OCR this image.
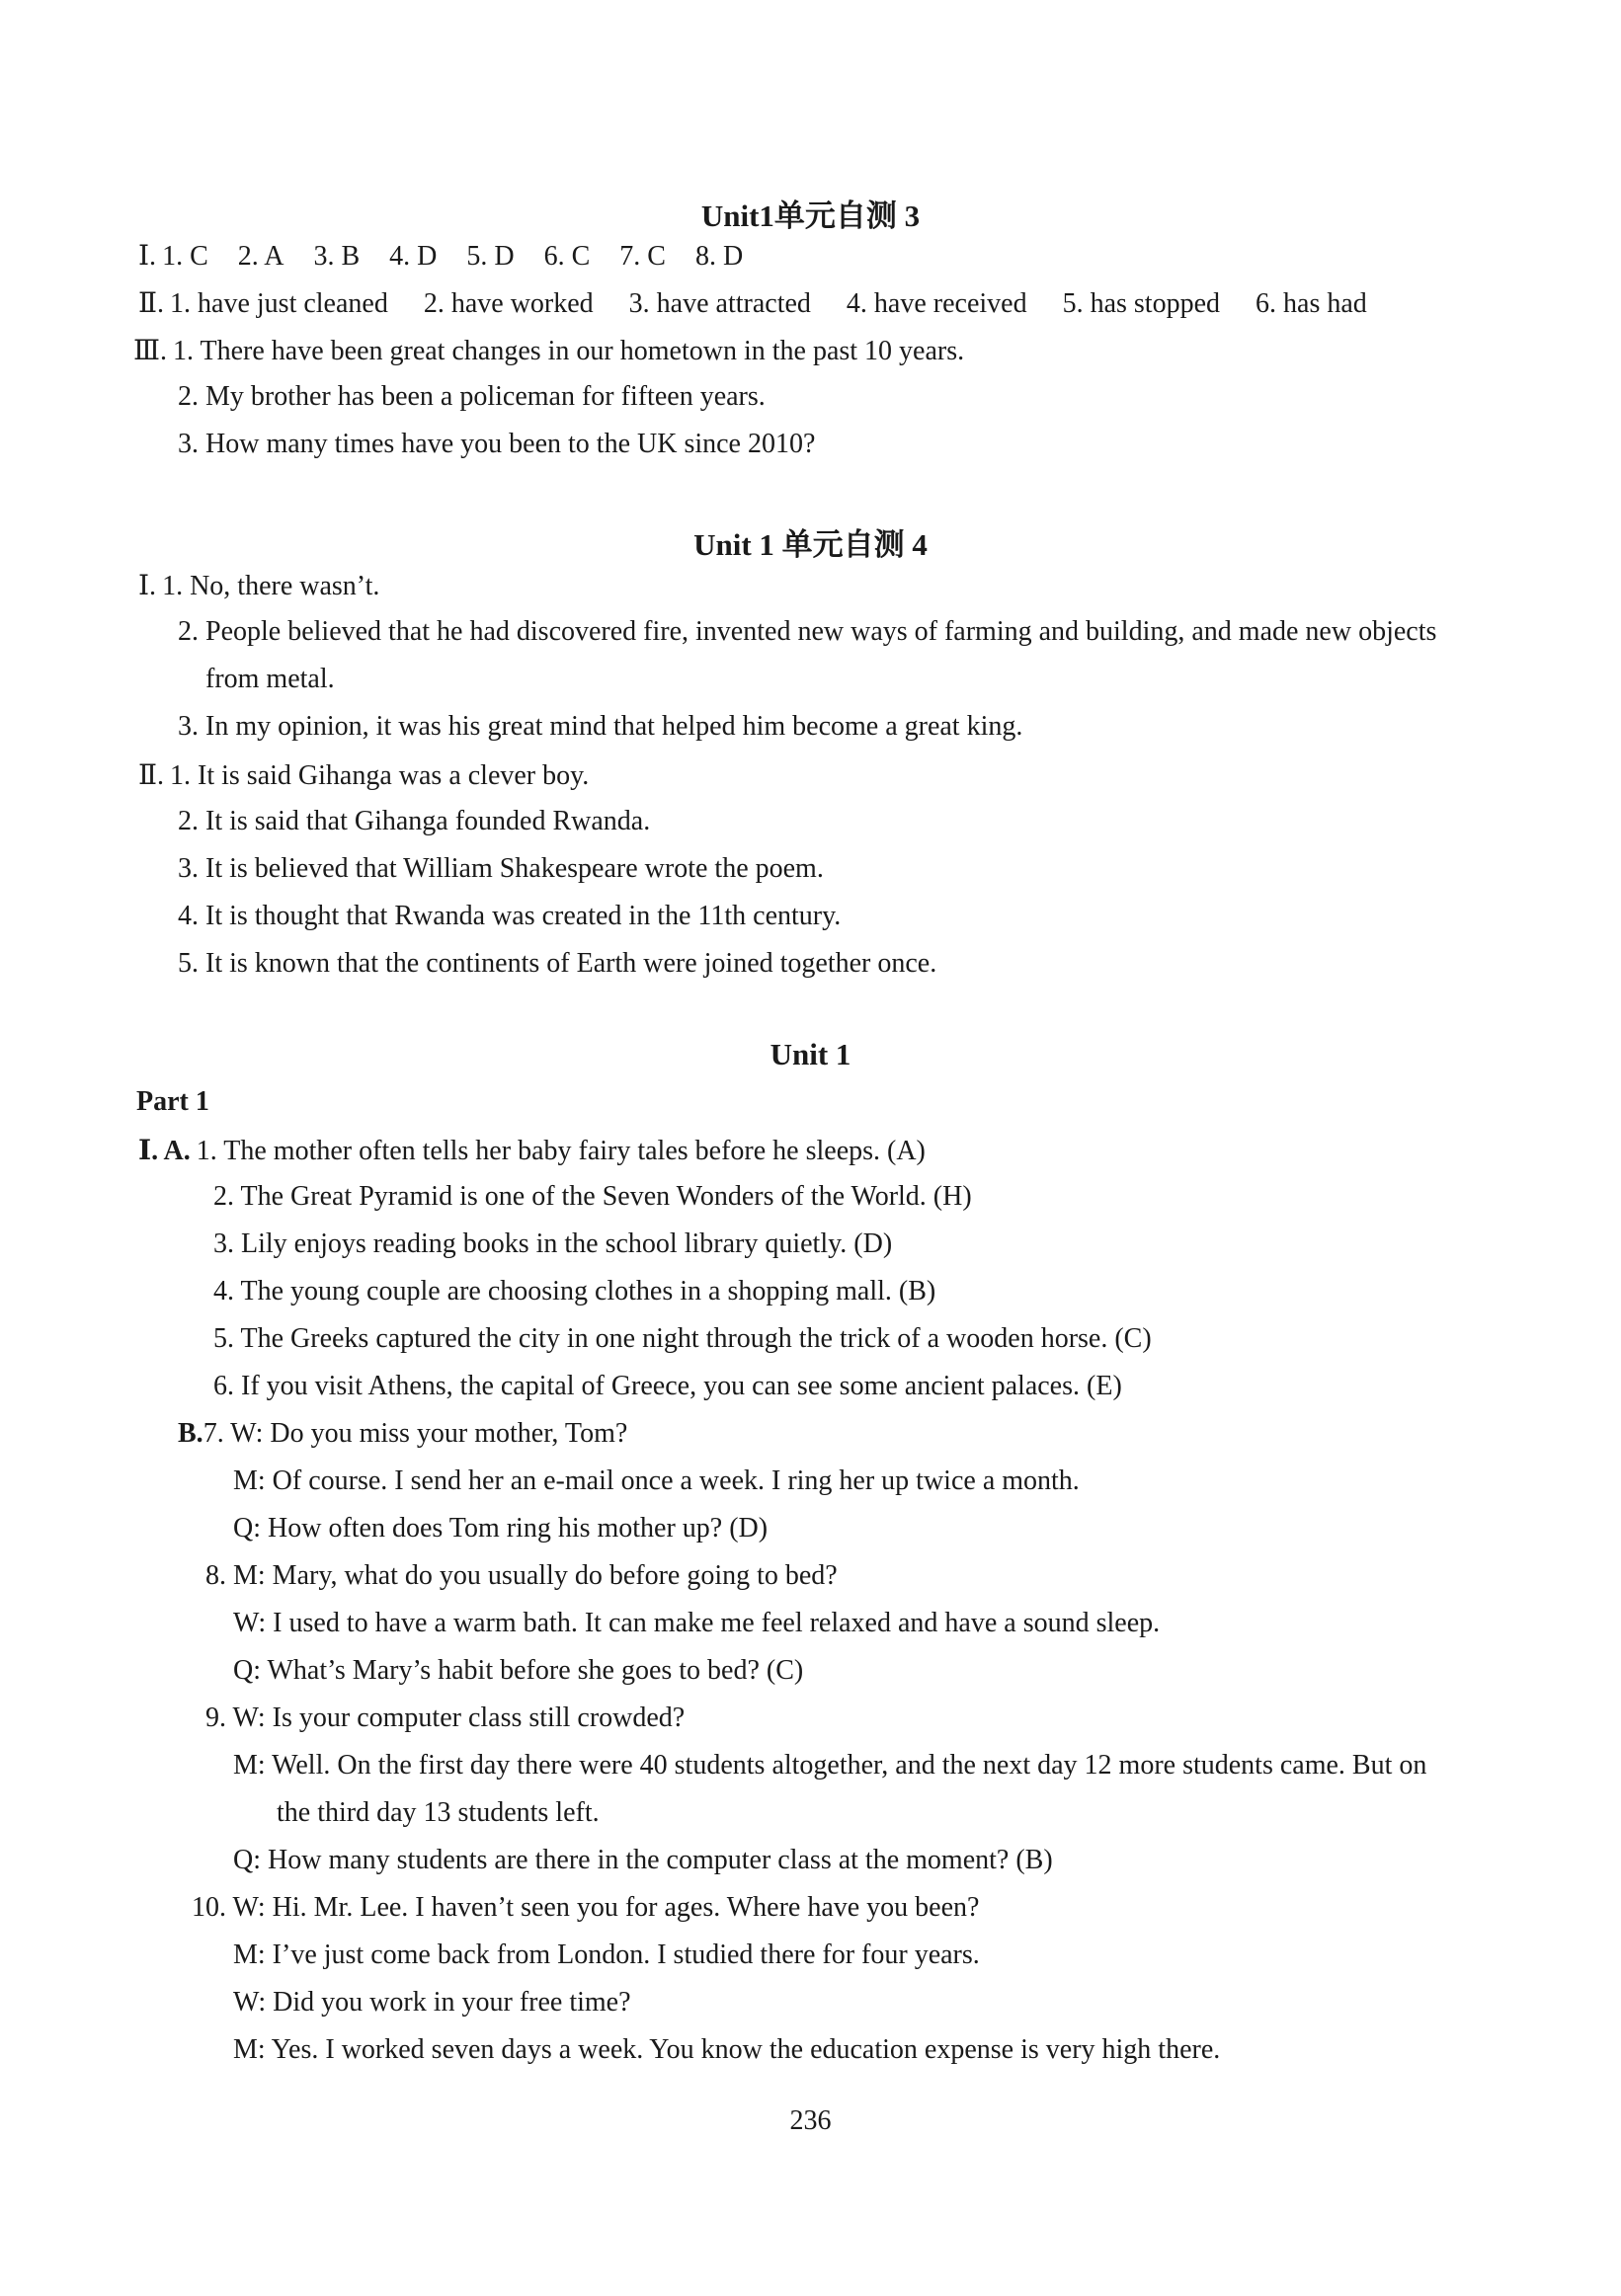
Unit1单元自测 3
Ⅰ. 1. C 2. A 3. B 4. D 5. D 6. C 7. C 8. D
Ⅱ. 1. have just cleaned 2. have worked 3. have attracted 4. have received 5. has stopped 6. has had
Ⅲ. 1. There have been great changes in our hometown in the past 10 years.
2. My brother has been a policeman for fifteen years.
3. How many times have you been to the UK since 2010?
Unit 1 单元自测 4
Ⅰ. 1. No, there wasn’t.
2. People believed that he had discovered fire, invented new ways of farming and building, and made new objects
from metal.
3. In my opinion, it was his great mind that helped him become a great king.
Ⅱ. 1. It is said Gihanga was a clever boy.
2. It is said that Gihanga founded Rwanda.
3. It is believed that William Shakespeare wrote the poem.
4. It is thought that Rwanda was created in the 11th century.
5. It is known that the continents of Earth were joined together once.
Unit 1
Part 1
Ⅰ. A. 1. The mother often tells her baby fairy tales before he sleeps. (A)
2. The Great Pyramid is one of the Seven Wonders of the World. (H)
3. Lily enjoys reading books in the school library quietly. (D)
4. The young couple are choosing clothes in a shopping mall. (B)
5. The Greeks captured the city in one night through the trick of a wooden horse. (C)
6. If you visit Athens, the capital of Greece, you can see some ancient palaces. (E)
B.7. W: Do you miss your mother, Tom?
M: Of course. I send her an e-mail once a week. I ring her up twice a month.
Q: How often does Tom ring his mother up? (D)
8. M: Mary, what do you usually do before going to bed?
W: I used to have a warm bath. It can make me feel relaxed and have a sound sleep.
Q: What’s Mary’s habit before she goes to bed? (C)
9. W: Is your computer class still crowded?
M: Well. On the first day there were 40 students altogether, and the next day 12 more students came. But on
the third day 13 students left.
Q: How many students are there in the computer class at the moment? (B)
10. W: Hi. Mr. Lee. I haven’t seen you for ages. Where have you been?
M: I’ve just come back from London. I studied there for four years.
W: Did you work in your free time?
M: Yes. I worked seven days a week. You know the education expense is very high there.
236
